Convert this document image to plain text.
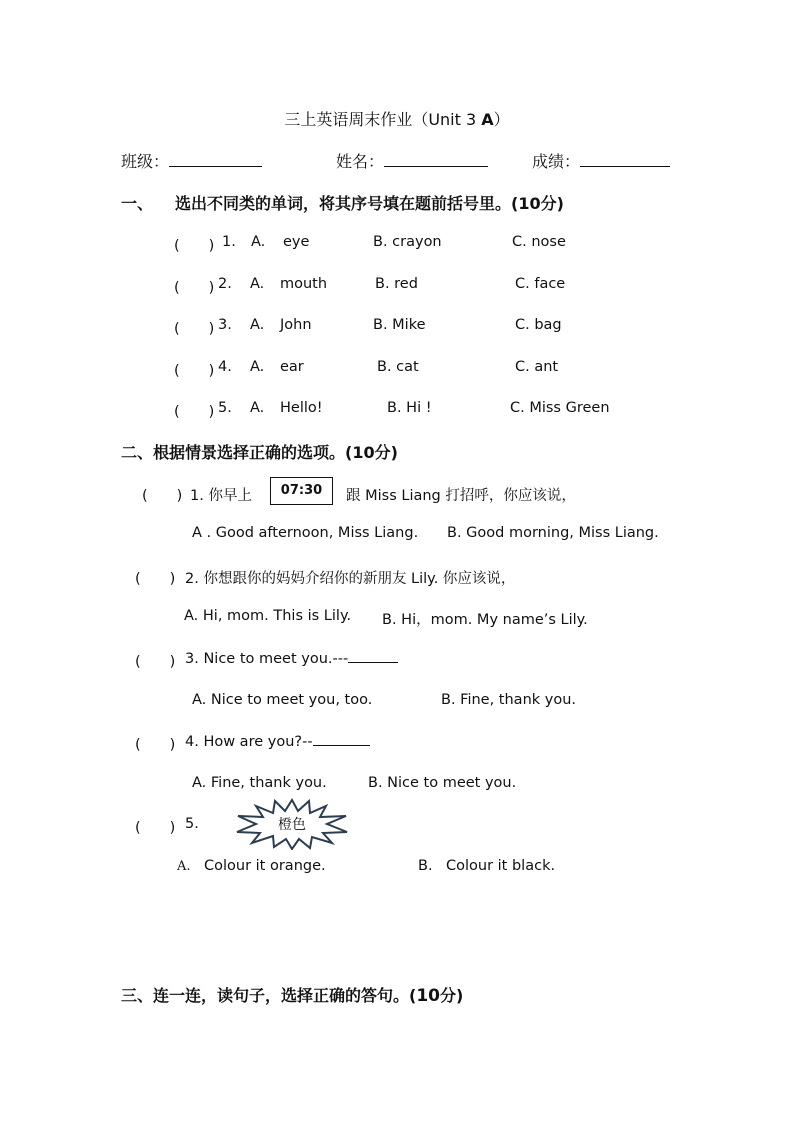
三上英语周末作业（Unit 3 A）
班级：	姓名：	成绩：
一、 选出不同类的单词，将其序号填在题前括号里。(10分)
(　　) 1. A. eye	B. crayon	C. nose
(　　) 2. A. mouth	B. red	C. face
(　　) 3. A. John	B. Mike	C. bag
(　　) 4. A. ear	B. cat	C. ant
(　　) 5. A. Hello!	B. Hi !	C. Miss Green
二、根据情景选择正确的选项。(10分)
(　　) 1. 你早上	07:30	跟 Miss Liang 打招呼，你应该说，
A . Good afternoon, Miss Liang. B. Good morning, Miss Liang.
(　　) 2. 你想跟你的妈妈介绍你的新朋友 Lily. 你应该说，
A. Hi, mom. This is Lily. B. Hi，mom. My name’s Lily.
(　　) 3. Nice to meet you.---
A. Nice to meet you, too.	B. Fine, thank you.
(　　) 4. How are you?--
A. Fine, thank you.	B. Nice to meet you.
(　　) 5.	橙色
A. Colour it orange.	B. Colour it black.
三、连一连，读句子，选择正确的答句。(10分)
